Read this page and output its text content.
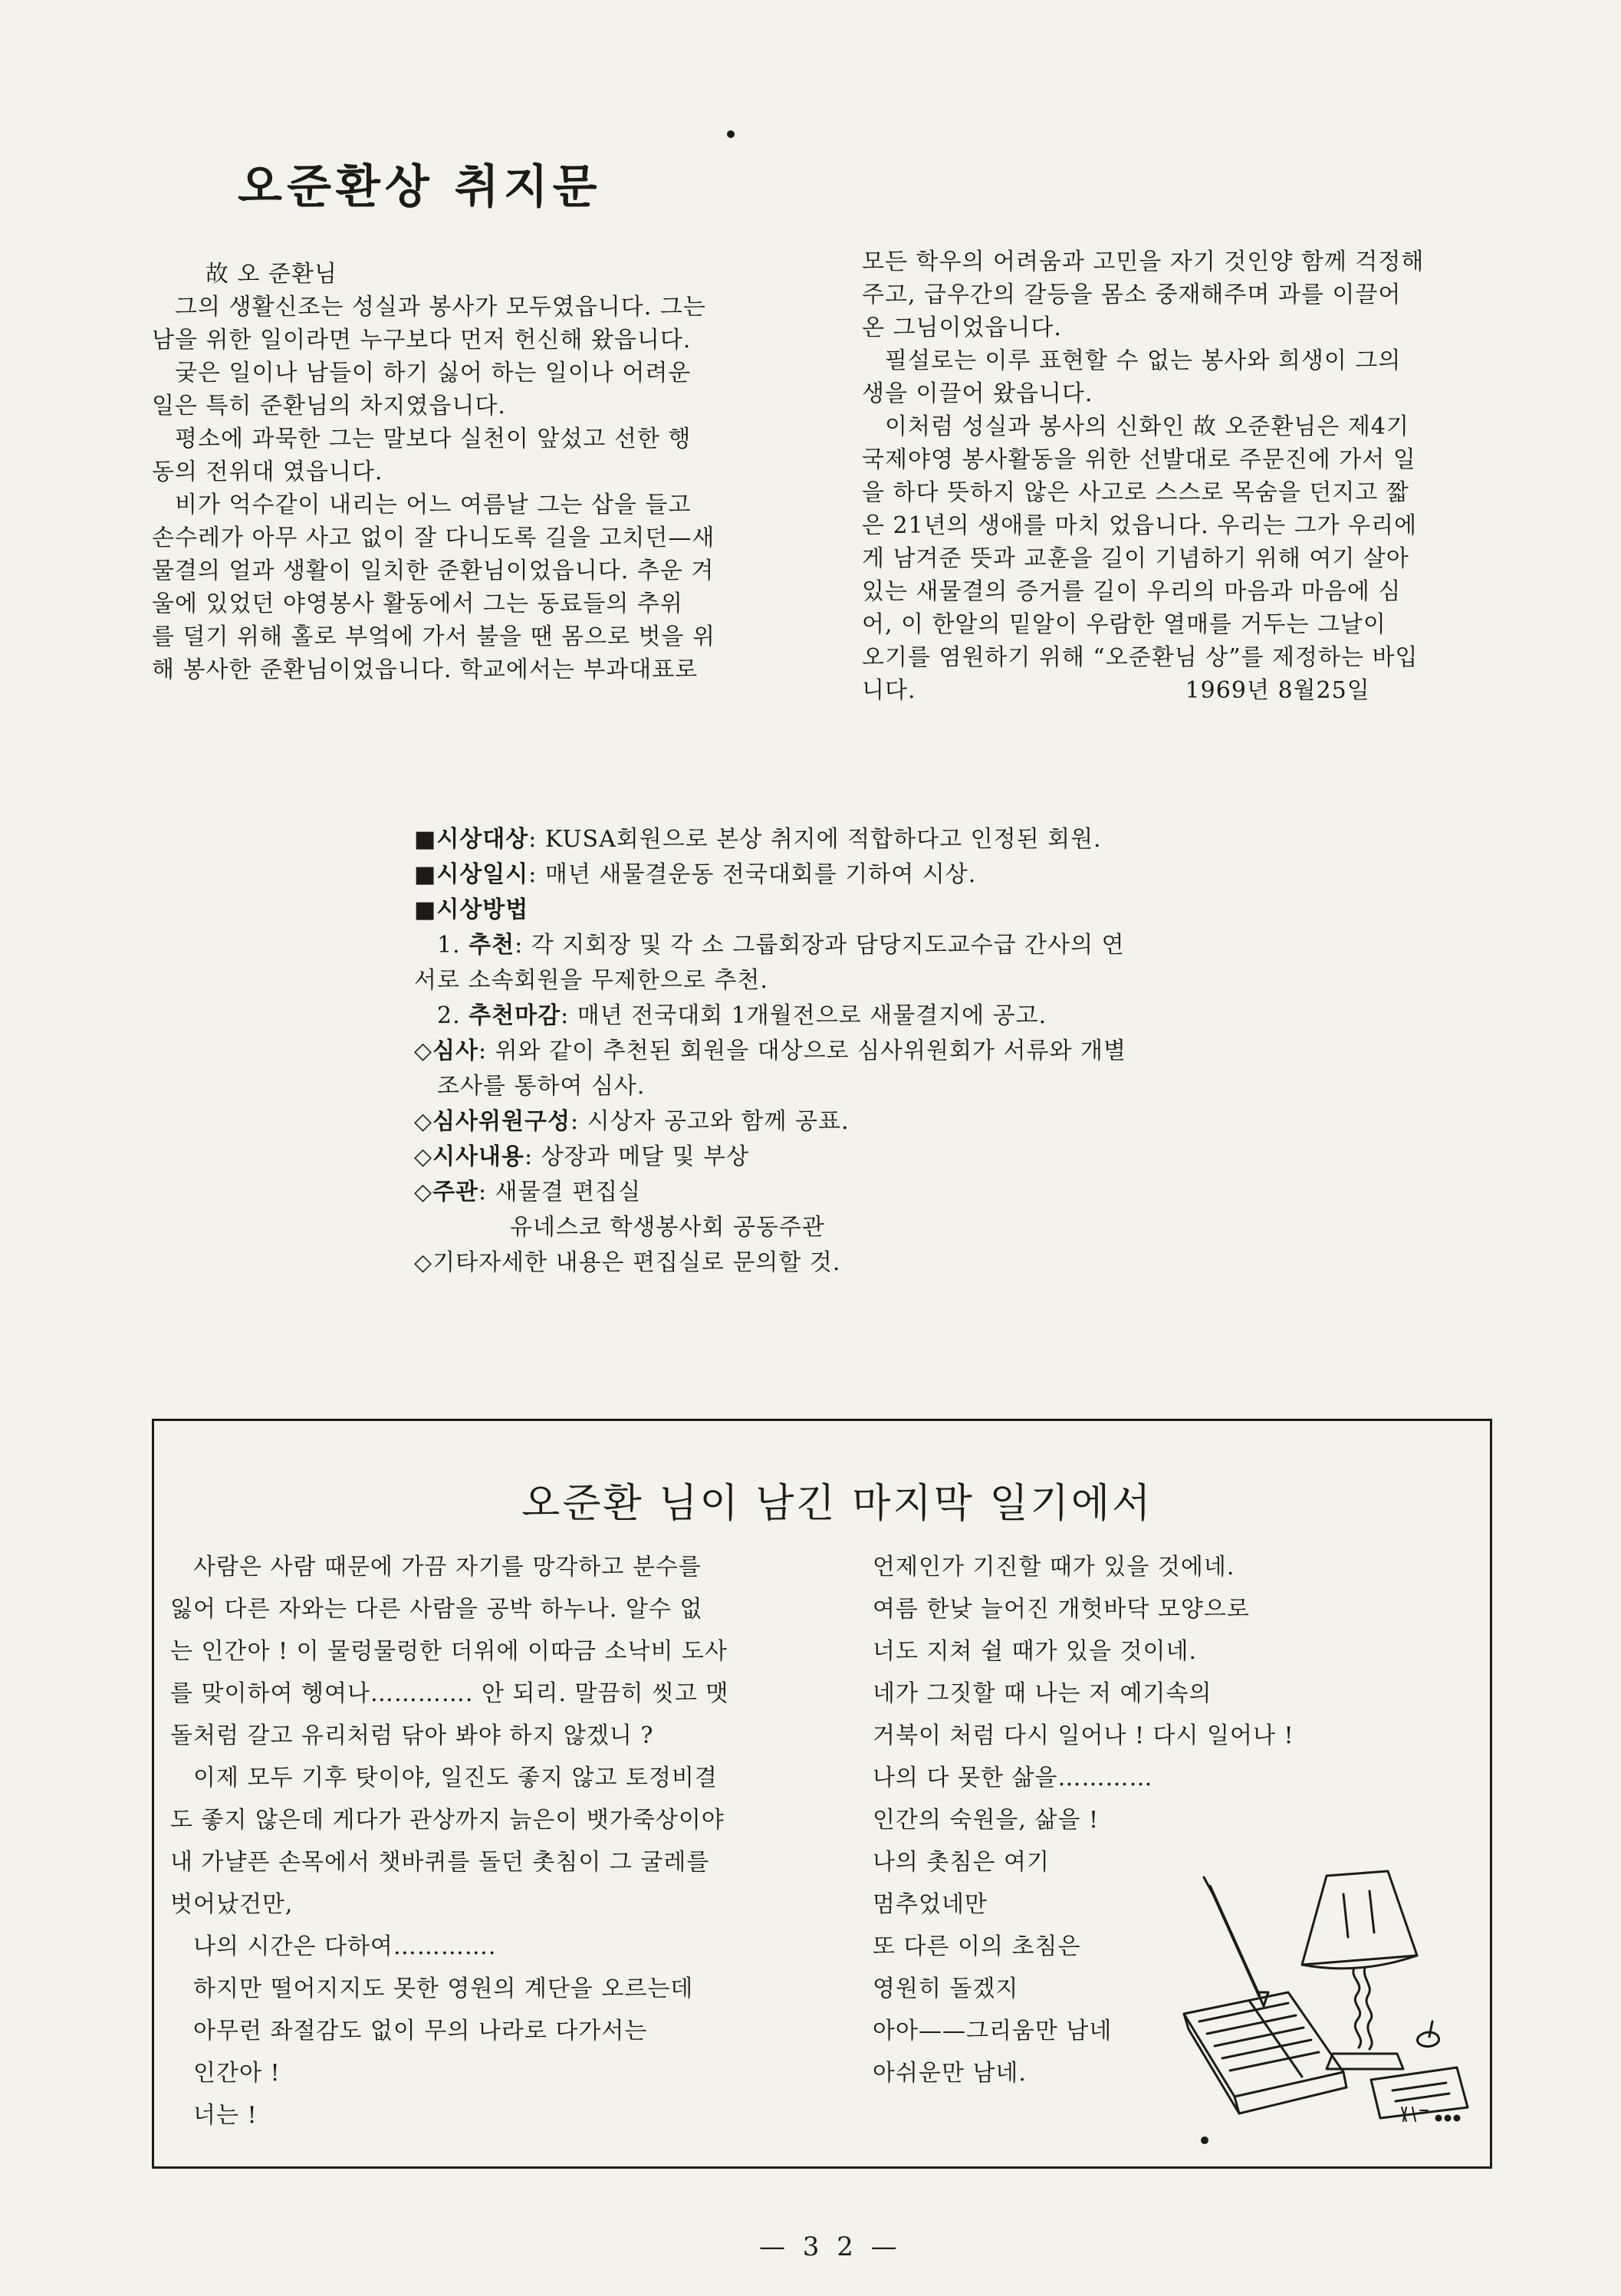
오준환상 취지문

故 오 준환님

그의 생활신조는 성실과 봉사가 모두였읍니다. 그는

남을 위한 일이라면 누구보다 먼저 헌신해 왔읍니다.

궂은 일이나 남들이 하기 싫어 하는 일이나 어려운

일은 특히 준환님의 차지였읍니다.

평소에 과묵한 그는 말보다 실천이 앞섰고 선한 행

동의 전위대 였읍니다.

비가 억수같이 내리는 어느 여름날 그는 삽을 들고

손수레가 아무 사고 없이 잘 다니도록 길을 고치던—새

물결의 얼과 생활이 일치한 준환님이었읍니다. 추운 겨

울에 있었던 야영봉사 활동에서 그는 동료들의 추위

를 덜기 위해 홀로 부엌에 가서 불을 땐 몸으로 벗을 위

해 봉사한 준환님이었읍니다. 학교에서는 부과대표로

모든 학우의 어려움과 고민을 자기 것인양 함께 걱정해

주고, 급우간의 갈등을 몸소 중재해주며 과를 이끌어

온 그님이었읍니다.

필설로는 이루 표현할 수 없는 봉사와 희생이 그의

생을 이끌어 왔읍니다.

이처럼 성실과 봉사의 신화인 故 오준환님은 제4기

국제야영 봉사활동을 위한 선발대로 주문진에 가서 일

을 하다 뜻하지 않은 사고로 스스로 목숨을 던지고 짧

은 21년의 생애를 마치 었읍니다. 우리는 그가 우리에

게 남겨준 뜻과 교훈을 길이 기념하기 위해 여기 살아

있는 새물결의 증거를 길이 우리의 마음과 마음에 심

어, 이 한알의 밑알이 우람한 열매를 거두는 그날이

오기를 염원하기 위해 “오준환님 상”를 제정하는 바입

니다.	1969년 8월25일

■시상대상: KUSA회원으로 본상 취지에 적합하다고 인정된 회원.

■시상일시: 매년 새물결운동 전국대회를 기하여 시상.

■시상방법

1. 추천: 각 지회장 및 각 소 그룹회장과 담당지도교수급 간사의 연

서로 소속회원을 무제한으로 추천.

2. 추천마감: 매년 전국대회 1개월전으로 새물결지에 공고.

◇심사: 위와 같이 추천된 회원을 대상으로 심사위원회가 서류와 개별

조사를 통하여 심사.

◇심사위원구성: 시상자 공고와 함께 공표.

◇시사내용: 상장과 메달 및 부상

◇주관: 새물결 편집실

유네스코 학생봉사회 공동주관

◇기타자세한 내용은 편집실로 문의할 것.

오준환 님이 남긴 마지막 일기에서

사람은 사람 때문에 가끔 자기를 망각하고 분수를

잃어 다른 자와는 다른 사람을 공박 하누나. 알수 없

는 인간아 ! 이 물렁물렁한 더위에 이따금 소낙비 도사

를 맞이하여 헹여나…………. 안 되리. 말끔히 씻고 맷

돌처럼 갈고 유리처럼 닦아 봐야 하지 않겠니 ?

이제 모두 기후 탓이야, 일진도 좋지 않고 토정비결

도 좋지 않은데 게다가 관상까지 늙은이 뱃가죽상이야

내 가냘픈 손목에서 챗바퀴를 돌던 촛침이 그 굴레를

벗어났건만,

나의 시간은 다하여………….

하지만 떨어지지도 못한 영원의 계단을 오르는데

아무런 좌절감도 없이 무의 나라로 다가서는

인간아 !

너는 !

언제인가 기진할 때가 있을 것에네.

여름 한낮 늘어진 개헛바닥 모양으로

너도 지쳐 쉴 때가 있을 것이네.

네가 그짓할 때 나는 저 예기속의

거북이 처럼 다시 일어나 ! 다시 일어나 !

나의 다 못한 삶을…………

인간의 숙원을, 삶을 !

나의 촛침은 여기

멈추었네만

또 다른 이의 초침은

영원히 돌겠지

아아——그리움만 남네

아쉬운만 남네.

— 3 2 —
